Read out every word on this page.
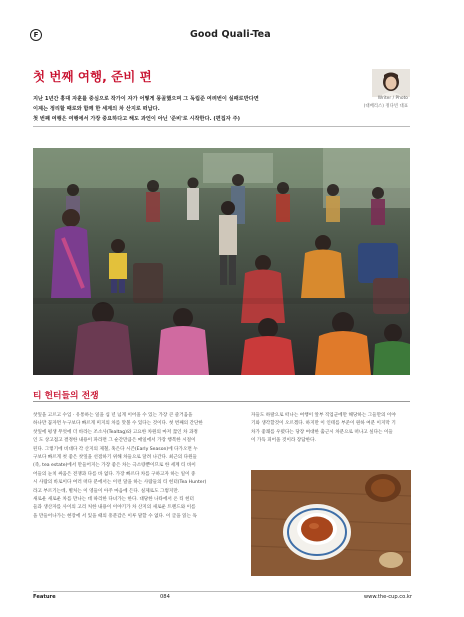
F	Good Quali-Tea
첫 번째 여행, 준비 편
Writer / Photo
(대배리스) 정다빈 대표
지난 1년간 홍대 자훈를 중심으로 작가이 자가 어떻게 몽골했으며 그 독립준 여려번이 실패로반다면
이제는 정리할 때로와 함께 한 세계의 차 산지로 떠납다.
첫 번째 여행은 여행에서 가장 중요하다고 해도 과언이 아닌 '준비'로 시작한다. (편집자 주)
티 헌터들의 전쟁
찻잎을 고르고 수입 · 유통하는 일을 십 년 넘게 이어올 수 있는 가장 큰 즐거움을
하나만 꼽자면 누구보다 빠르게 미지의 차를 맛볼 수 있다는 것이다. 첫 번째의 간단한
찻잎에 평생 무엇에 더 바라는 조소사(Tealtag)와 고요한 차원의 마저 끓인 차 과정
인 도 상고접고 결정한 내용이 파라면 그 순간만큼은 매일에서 가장 행복한 시절이
된다. 그렇기에 비대다 각 산지의 제철, 혹은다 시즌(Early Season)에 다가오면 누
구보다 빠르게 첫 좋은 찻잎을 선점하기 위해 차들으로 달려 나간다. 최근의 다원들
(즉, tea estate)에서 만들어지는 가장 좋은 차는 극소량뿐이므로 한 세계 티 바이
어들의 눈치 싸움은 전쟁과 다름 바 없다. 가장 빠르다 차를 구하고자 하는 일이 중
시 사람의 바로이다 여러 떠다 분에서는 이런 달을 하는 사람들의 티 헌터(Tea Hunter)
라고 부르기는데, 별처는 이 영들이 아주 마음에 든다. 실제로도 그렇지만.
새로운 새로운 차를 만나는 데 따리한 다녀가는 한다. 대당한 나타에서 온 티 헌터
들과 생산자를 사이의 고리 처한 내용이 이야기가 차 산지의 새로운 트렌드와 이름
을 만들어나가는 현장에 서 있을 때의 흥분감은 이루 말할 수 없다. 이 글을 읽는 독
자들도 하랄으로 떠나는 여행이 앞부 직업군에만 해당하는 그들만의 이야
기와 생각할것이 오르겠다. 하지만 이 인테를 부준이 원하 여분 이지막 기
차가 좋쾌를 우렸다는 당장 여대한 출근시 차분으로 떠나고 싶다는 이들
이 가득 피어올 것이라 장담한다.
Feature	084	www.the-cup.co.kr
